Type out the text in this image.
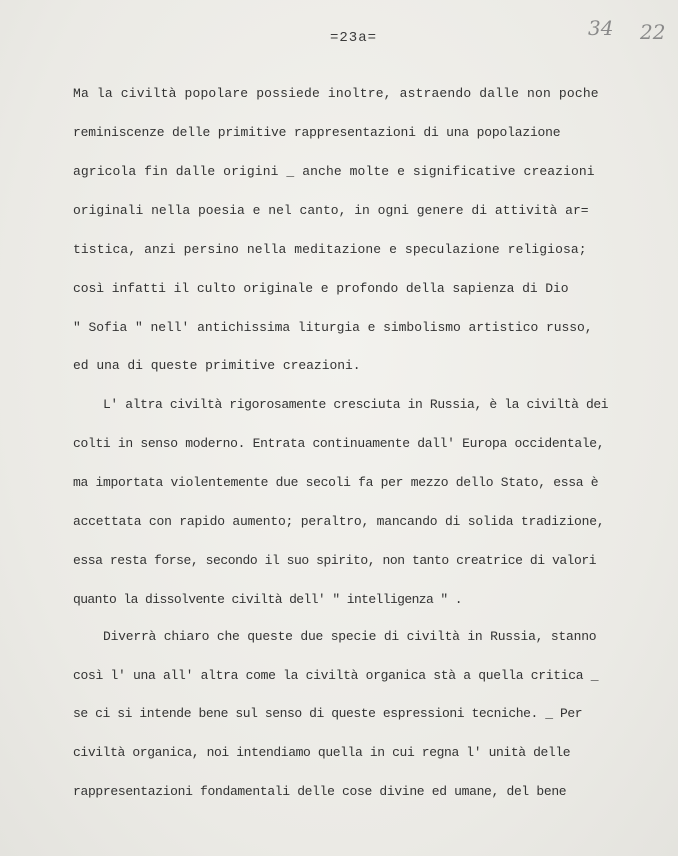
=23a=	34 22
Ma la civiltà popolare possiede inoltre, astraendo dalle non poche
reminiscenze delle primitive rappresentazioni di una popolazione
agricola fin dalle origini _ anche molte e significative creazioni
originali nella poesia e nel canto, in ogni genere di attività ar=
tistica, anzi persino nella meditazione e speculazione religiosa;
così infatti il culto originale e profondo della sapienza di Dio
" Sofia " nell' antichissima liturgia e simbolismo artistico russo,
ed una di queste primitive creazioni.
L' altra civiltà rigorosamente cresciuta in Russia, è la civiltà dei
colti in senso moderno. Entrata continuamente dall' Europa occidentale,
ma importata violentemente due secoli fa per mezzo dello Stato, essa è
accettata con rapido aumento; peraltro, mancando di solida tradizione,
essa resta forse, secondo il suo spirito, non tanto creatrice di valori
quanto la dissolvente civiltà dell' " intelligenza " .
Diverrà chiaro che queste due specie di civiltà in Russia, stanno
così l' una all' altra come la civiltà organica stà a quella critica _
se ci si intende bene sul senso di queste espressioni tecniche. _ Per
civiltà organica, noi intendiamo quella in cui regna l' unità delle
rappresentazioni fondamentali delle cose divine ed umane, del bene
